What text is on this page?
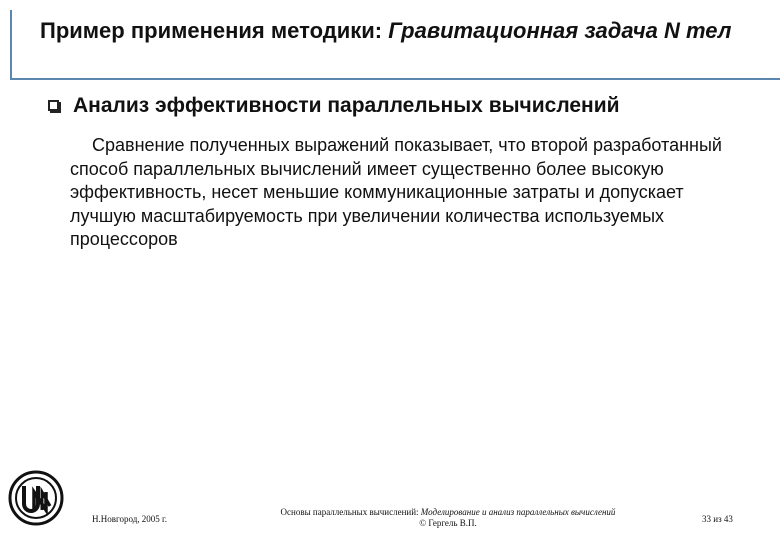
Пример применения методики: Гравитационная задача N тел
Анализ эффективности параллельных вычислений
Сравнение полученных выражений показывает, что второй разработанный способ параллельных вычислений имеет существенно более высокую эффективность, несет меньшие коммуникационные затраты и допускает лучшую масштабируемость при увеличении количества используемых процессоров
Н.Новгород, 2005 г.
Основы параллельных вычислений: Моделирование и анализ параллельных вычислений
© Гергель В.П.	33 из 43
